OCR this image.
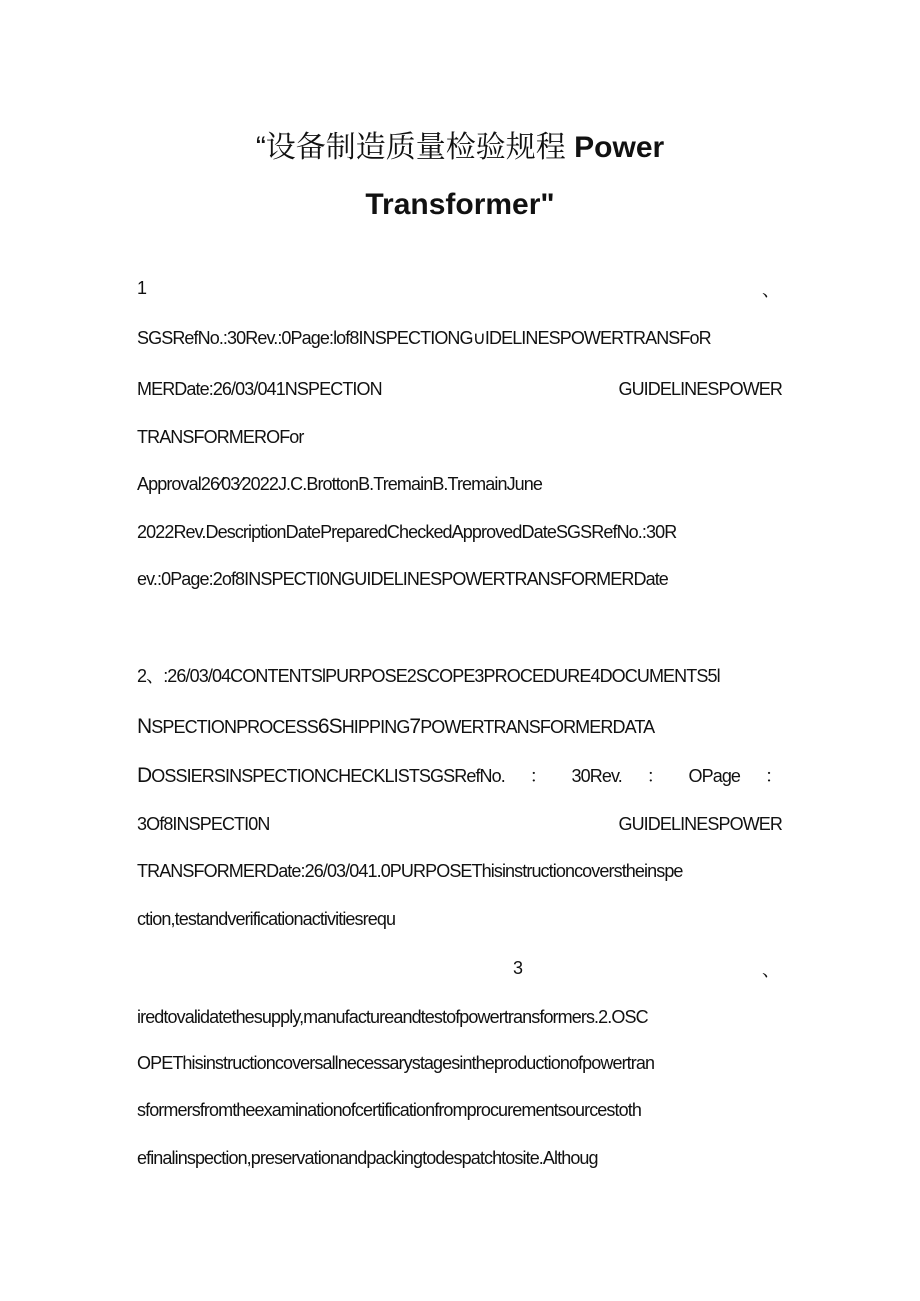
“设备制造质量检验规程 Power
Transformer"
1	、
SGSRefNo.:30Rev.:0Page:lof8INSPECTIONG∪IDELINESPOWERTRANSFoR
MERDate:26/03/041NSPECTION	GUIDELINESPOWER
TRANSFORMEROFor
Approval26⁄03⁄2022J.C.BrottonB.TremainB.TremainJune
2022Rev.DescriptionDatePreparedCheckedApprovedDateSGSRefNo.:30R
ev.:0Page:2of8INSPECTI0NGUIDELINESPOWERTRANSFORMERDate
2、:26/03/04CONTENTSlPURPOSE2SCOPE3PROCEDURE4DOCUMENTS5l
NSPECTIONPROCESS6SHIPPING7POWERTRANSFORMERDATA
DOSSIERSINSPECTIONCHECKLISTSGSRefNo. ： 30Rev. ： OPage ：
3Of8INSPECTI0N	GUIDELINESPOWER
TRANSFORMERDate:26/03/041.0PURPOSEThisinstructioncoverstheinspe
ction,testandverificationactivitiesrequ
3	、
iredtovalidatethesupply,manufactureandtestofpowertransformers.2.OSC
OPEThisinstructioncoversallnecessarystagesintheproductionofpowertran
sformersfromtheexaminationofcertificationfromprocurementsourcestoth
efinalinspection,preservationandpackingtodespatchtosite.Althoug
